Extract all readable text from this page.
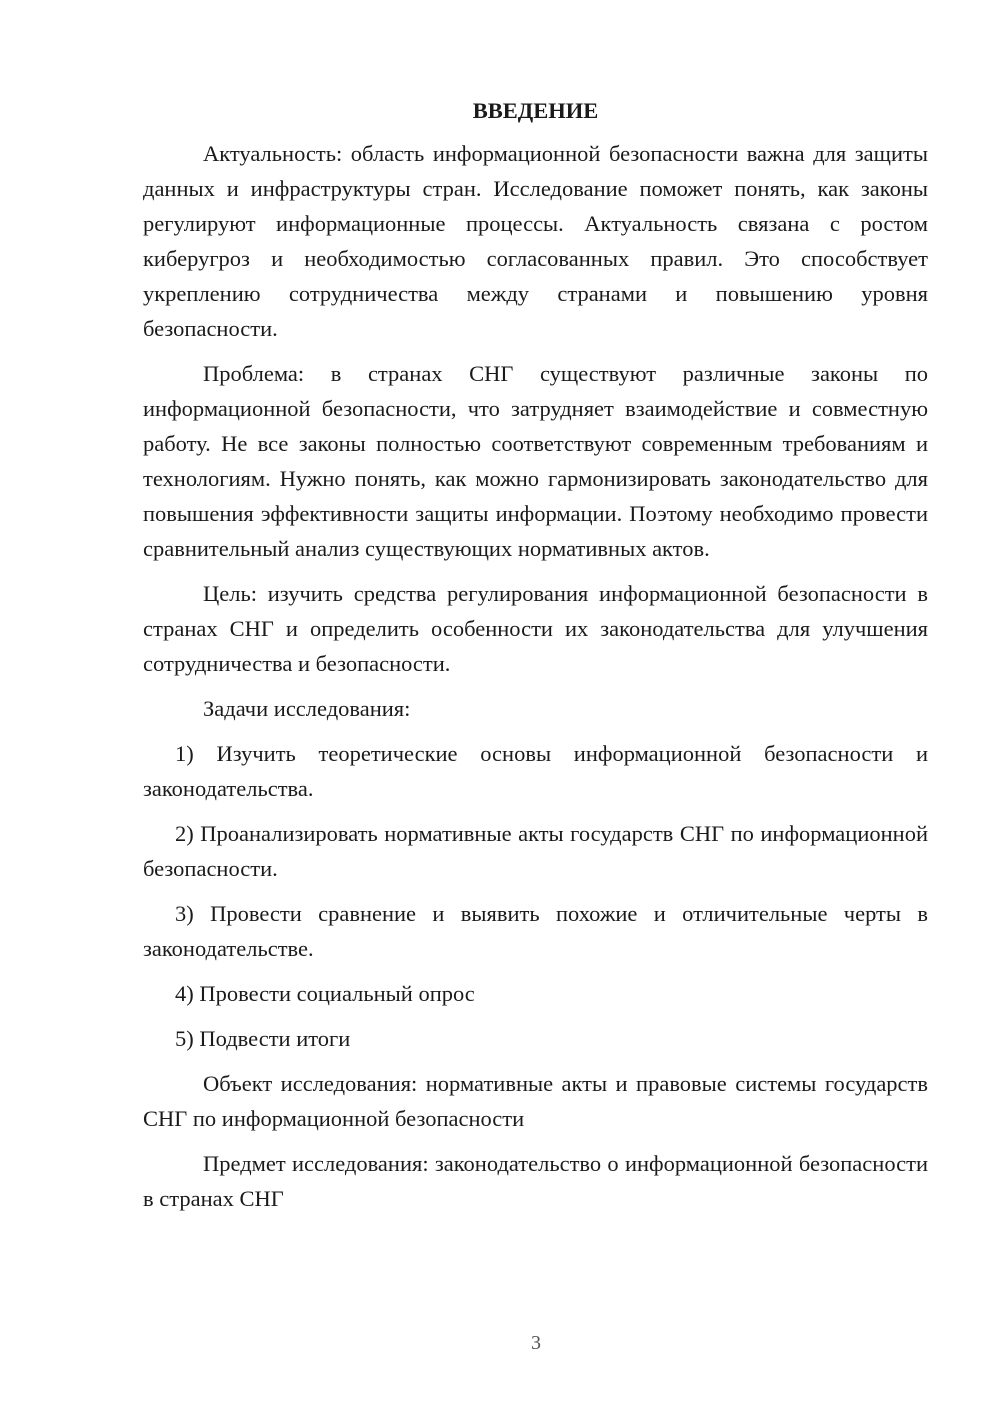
ВВЕДЕНИЕ

Актуальность: область информационной безопасности важна для защиты данных и инфраструктуры стран. Исследование поможет понять, как законы регулируют информационные процессы. Актуальность связана с ростом киберугроз и необходимостью согласованных правил. Это способствует укреплению сотрудничества между странами и повышению уровня безопасности.

Проблема: в странах СНГ существуют различные законы по информационной безопасности, что затрудняет взаимодействие и совместную работу. Не все законы полностью соответствуют современным требованиям и технологиям. Нужно понять, как можно гармонизировать законодательство для повышения эффективности защиты информации. Поэтому необходимо провести сравнительный анализ существующих нормативных актов.

Цель: изучить средства регулирования информационной безопасности в странах СНГ и определить особенности их законодательства для улучшения сотрудничества и безопасности.

Задачи исследования:

1) Изучить теоретические основы информационной безопасности и законодательства.

2) Проанализировать нормативные акты государств СНГ по информационной безопасности.

3) Провести сравнение и выявить похожие и отличительные черты в законодательстве.

4) Провести социальный опрос

5) Подвести итоги

Объект исследования: нормативные акты и правовые системы государств СНГ по информационной безопасности

Предмет исследования: законодательство о информационной безопасности в странах СНГ

3
